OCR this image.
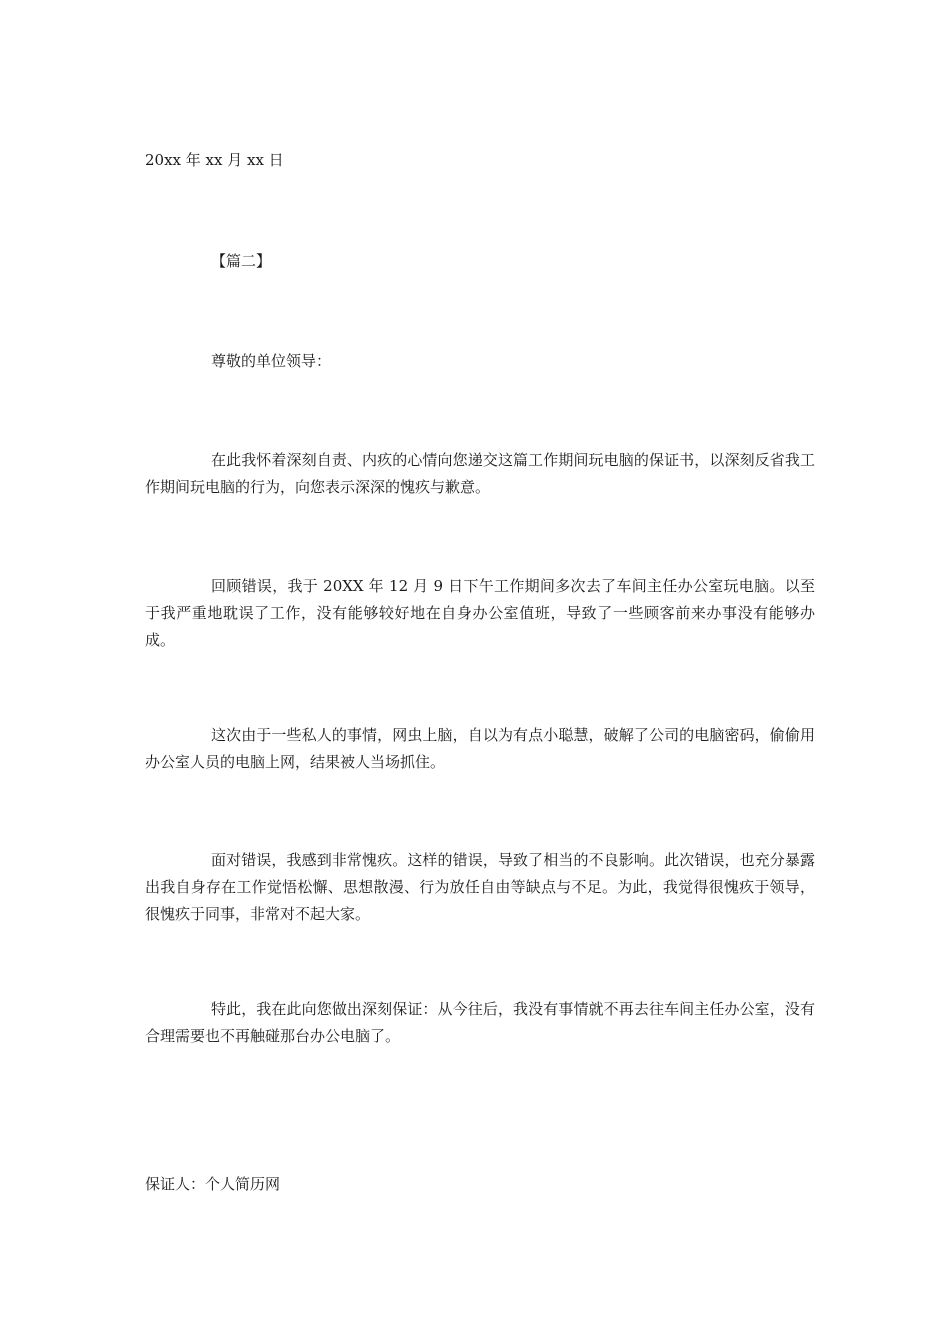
20xx 年 xx 月 xx 日

【篇二】

尊敬的单位领导：

在此我怀着深刻自责、内疚的心情向您递交这篇工作期间玩电脑的保证书，以深刻反省我工作期间玩电脑的行为，向您表示深深的愧疚与歉意。

回顾错误，我于 20XX 年 12 月 9 日下午工作期间多次去了车间主任办公室玩电脑。以至于我严重地耽误了工作，没有能够较好地在自身办公室值班，导致了一些顾客前来办事没有能够办成。

这次由于一些私人的事情，网虫上脑，自以为有点小聪慧，破解了公司的电脑密码，偷偷用办公室人员的电脑上网，结果被人当场抓住。

面对错误，我感到非常愧疚。这样的错误，导致了相当的不良影响。此次错误，也充分暴露出我自身存在工作觉悟松懈、思想散漫、行为放任自由等缺点与不足。为此，我觉得很愧疚于领导，很愧疚于同事，非常对不起大家。

特此，我在此向您做出深刻保证：从今往后，我没有事情就不再去往车间主任办公室，没有合理需要也不再触碰那台办公电脑了。

保证人：个人简历网
